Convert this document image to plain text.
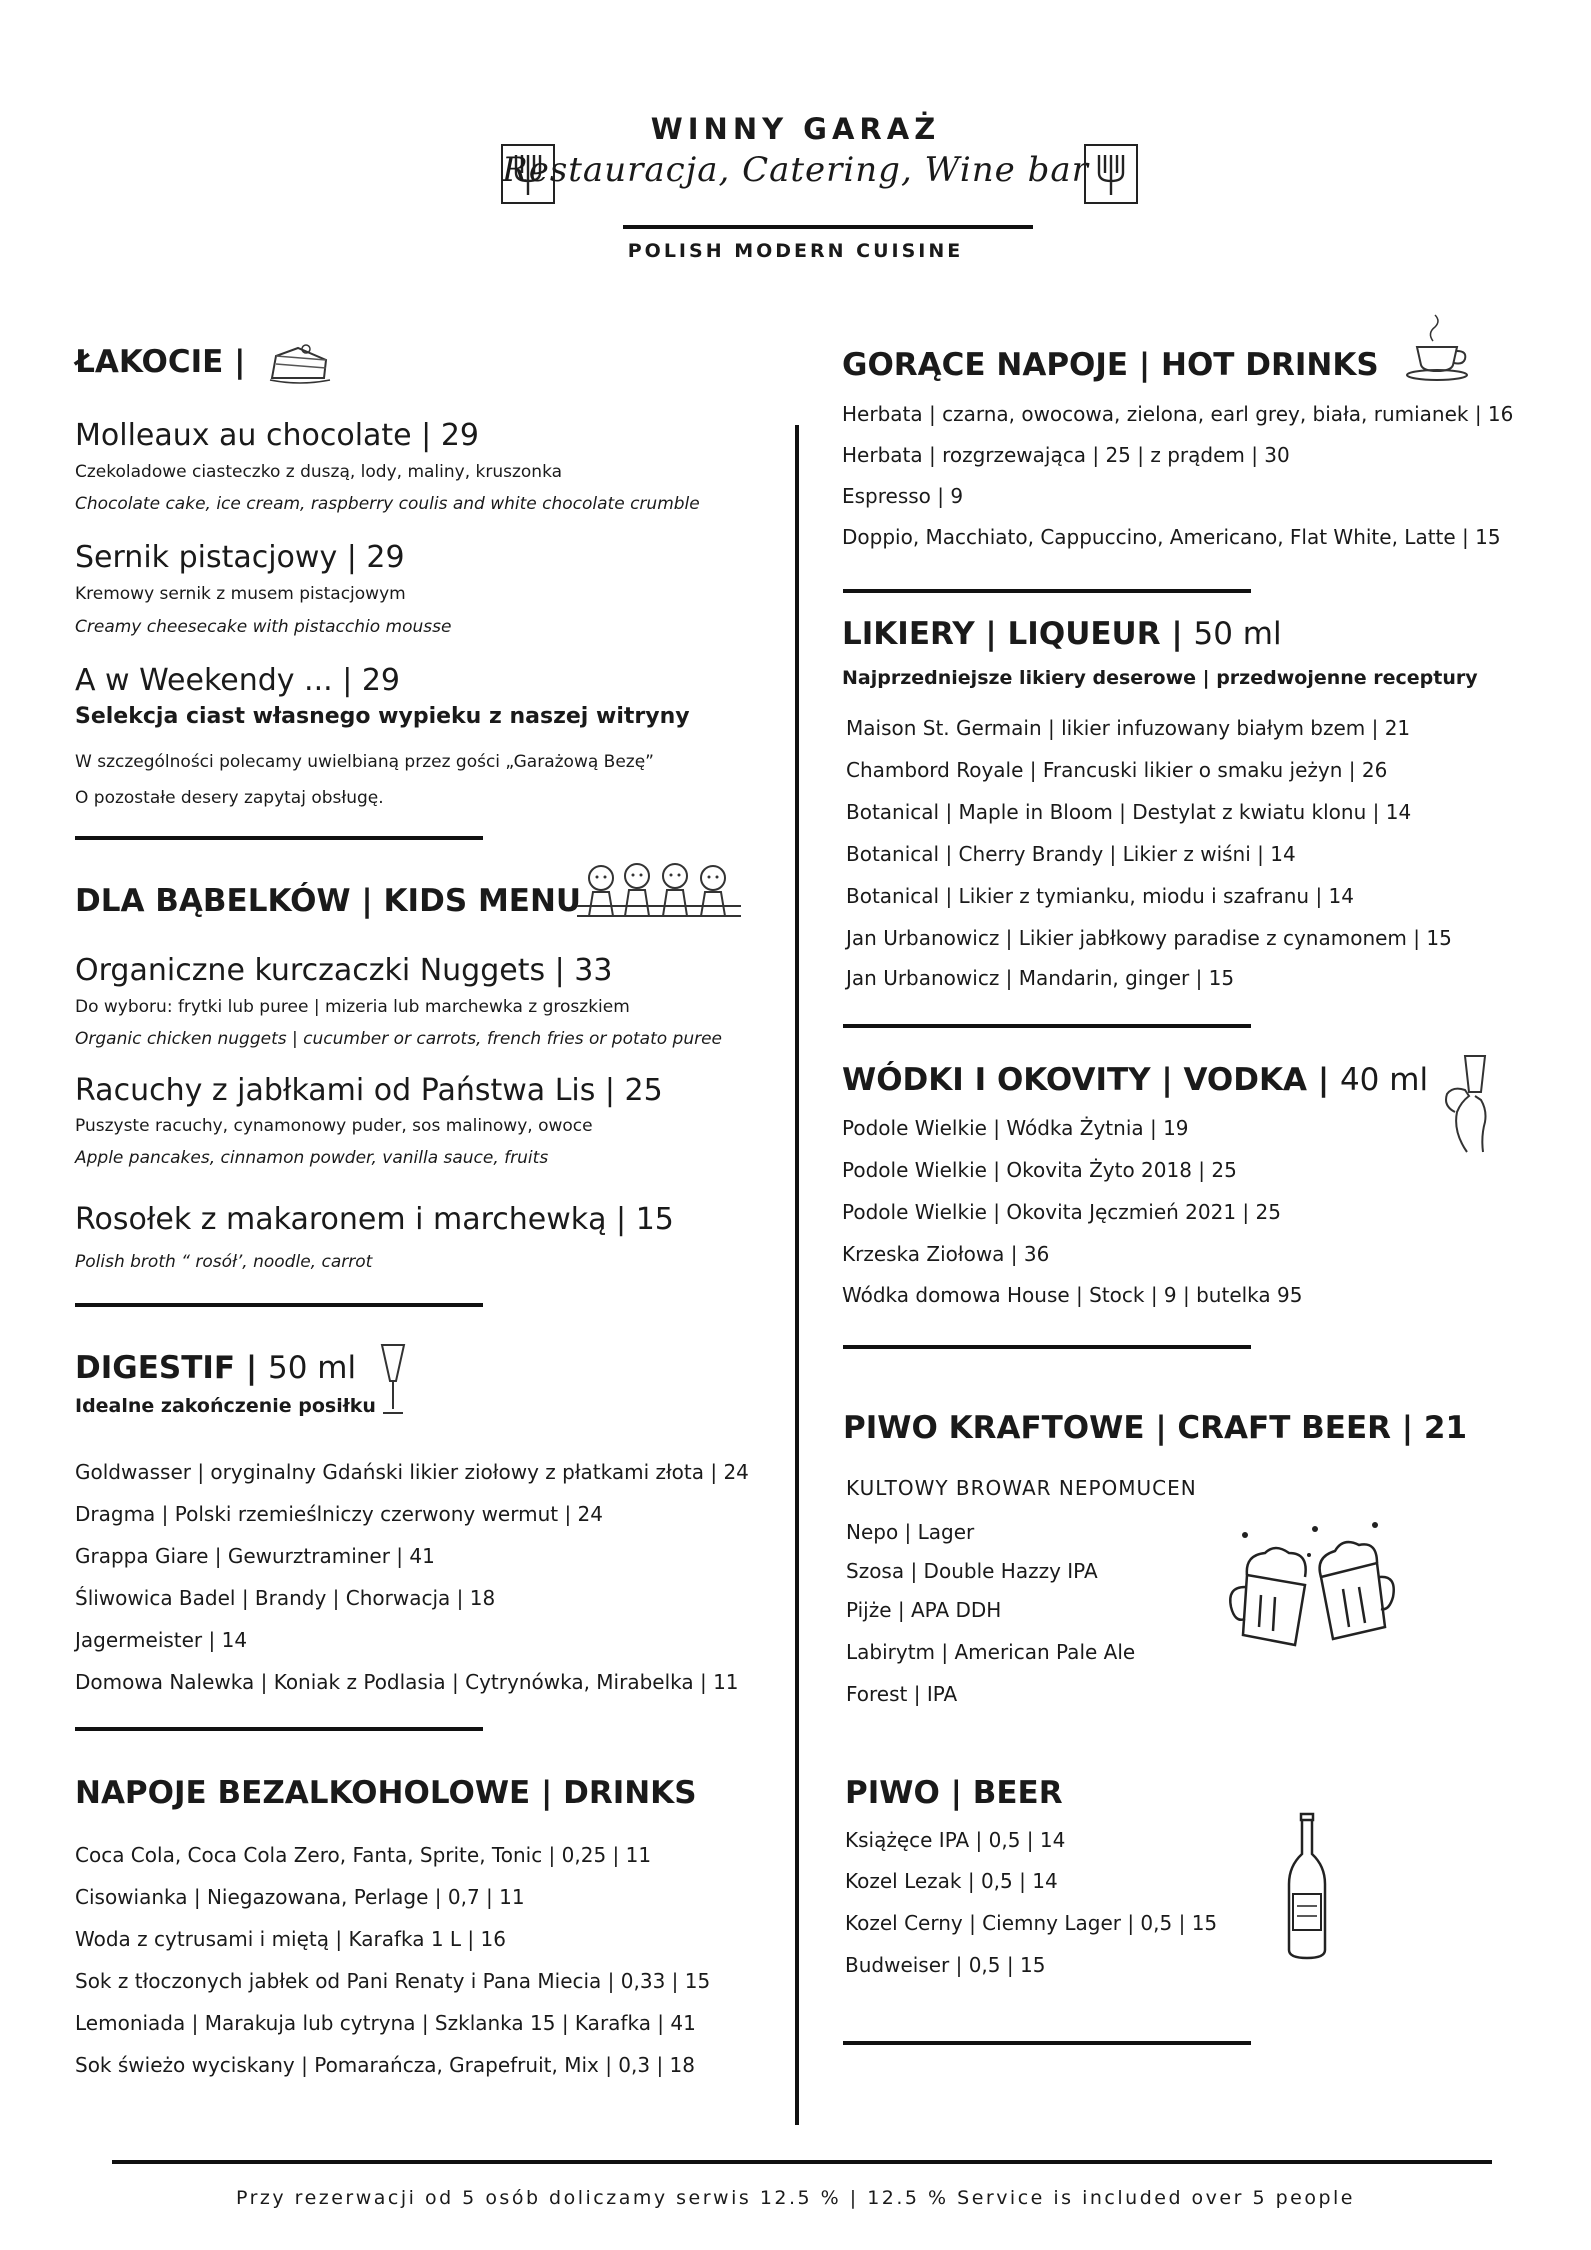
WINNY GARAŻ
Restauracja, Catering, Wine bar
POLISH MODERN CUISINE
ŁAKOCIE |
Molleaux au chocolate | 29
Czekoladowe ciasteczko z duszą, lody, maliny, kruszonka
Chocolate cake, ice cream, raspberry coulis and white chocolate crumble
Sernik pistacjowy | 29
Kremowy sernik z musem pistacjowym
Creamy cheesecake with pistacchio mousse
A w Weekendy ... | 29
Selekcja ciast własnego wypieku z naszej witryny
W szczególności polecamy uwielbianą przez gości „Garażową Bezę”
O pozostałe desery zapytaj obsługę.
DLA BĄBELKÓW | KIDS MENU
Organiczne kurczaczki Nuggets | 33
Do wyboru: frytki lub puree | mizeria lub marchewka z groszkiem
Organic chicken nuggets | cucumber or carrots, french fries or potato puree
Racuchy z jabłkami od Państwa Lis | 25
Puszyste racuchy, cynamonowy puder, sos malinowy, owoce
Apple pancakes, cinnamon powder, vanilla sauce, fruits
Rosołek z makaronem i marchewką | 15
Polish broth “ rosół’, noodle, carrot
DIGESTIF | 50 ml
Idealne zakończenie posiłku
Goldwasser | oryginalny Gdański likier ziołowy z płatkami złota | 24
Dragma | Polski rzemieślniczy czerwony wermut | 24
Grappa Giare | Gewurztraminer | 41
Śliwowica Badel | Brandy | Chorwacja | 18
Jagermeister | 14
Domowa Nalewka | Koniak z Podlasia | Cytrynówka, Mirabelka | 11
NAPOJE BEZALKOHOLOWE | DRINKS
Coca Cola, Coca Cola Zero, Fanta, Sprite, Tonic | 0,25 | 11
Cisowianka | Niegazowana, Perlage | 0,7 | 11
Woda z cytrusami i miętą | Karafka 1 L | 16
Sok z tłoczonych jabłek od Pani Renaty i Pana Miecia | 0,33 | 15
Lemoniada | Marakuja lub cytryna | Szklanka 15 | Karafka | 41
Sok świeżo wyciskany | Pomarańcza, Grapefruit, Mix | 0,3 | 18
GORĄCE NAPOJE | HOT DRINKS
Herbata | czarna, owocowa, zielona, earl grey, biała, rumianek | 16
Herbata | rozgrzewająca | 25 | z prądem | 30
Espresso | 9
Doppio, Macchiato, Cappuccino, Americano, Flat White, Latte | 15
LIKIERY | LIQUEUR | 50 ml
Najprzedniejsze likiery deserowe | przedwojenne receptury
Maison St. Germain | likier infuzowany białym bzem | 21
Chambord Royale | Francuski likier o smaku jeżyn | 26
Botanical | Maple in Bloom | Destylat z kwiatu klonu | 14
Botanical | Cherry Brandy | Likier z wiśni | 14
Botanical | Likier z tymianku, miodu i szafranu | 14
Jan Urbanowicz | Likier jabłkowy paradise z cynamonem | 15
Jan Urbanowicz | Mandarin, ginger | 15
WÓDKI I OKOVITY | VODKA | 40 ml
Podole Wielkie | Wódka Żytnia | 19
Podole Wielkie | Okovita Żyto 2018 | 25
Podole Wielkie | Okovita Jęczmień 2021 | 25
Krzeska Ziołowa | 36
Wódka domowa House | Stock | 9 | butelka 95
PIWO KRAFTOWE | CRAFT BEER | 21
KULTOWY BROWAR NEPOMUCEN
Nepo | Lager
Szosa | Double Hazzy IPA
Pijże | APA DDH
Labirytm | American Pale Ale
Forest | IPA
PIWO | BEER
Książęce IPA | 0,5 | 14
Kozel Lezak | 0,5 | 14
Kozel Cerny | Ciemny Lager | 0,5 | 15
Budweiser | 0,5 | 15
Przy rezerwacji od 5 osób doliczamy serwis 12.5 % | 12.5 % Service is included over 5 people
